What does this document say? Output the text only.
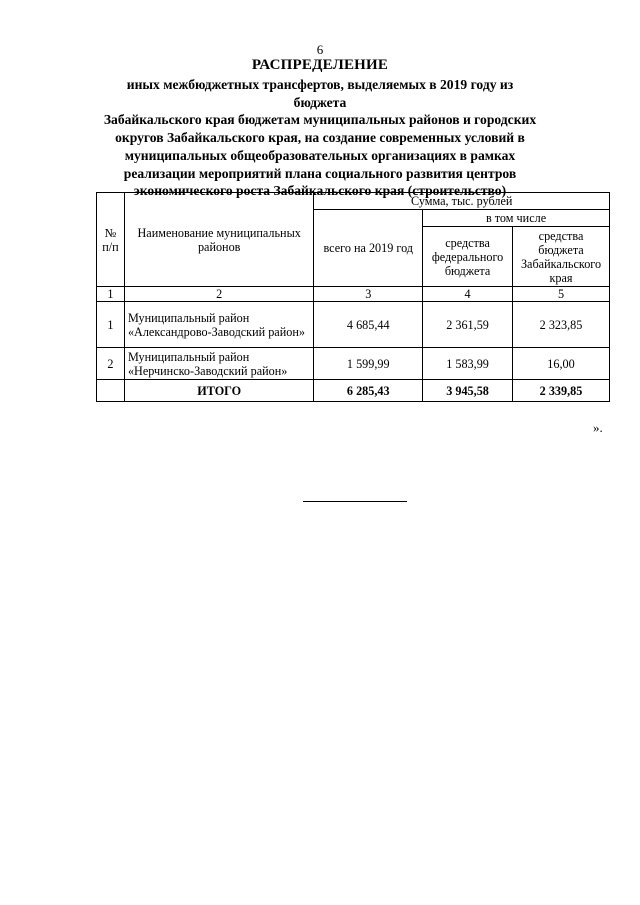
6
РАСПРЕДЕЛЕНИЕ
иных межбюджетных трансфертов, выделяемых в 2019 году из бюджета
Забайкальского края бюджетам муниципальных районов и городских
округов Забайкальского края, на создание современных условий в
муниципальных общеобразовательных организациях в рамках
реализации мероприятий плана социального развития центров
экономического роста Забайкальского края (строительство)
№ п/п	Наименование муниципальных районов	Сумма, тыс. рублей		
		всего на 2019 год	в том числе	
			средства федерального бюджета	средства бюджета Забайкальского края
1	2	3	4	5
1	Муниципальный район «Александрово-Заводский район»	4 685,44	2 361,59	2 323,85
2	Муниципальный район «Нерчинско-Заводский район»	1 599,99	1 583,99	16,00
	ИТОГО	6 285,43	3 945,58	2 339,85
».
